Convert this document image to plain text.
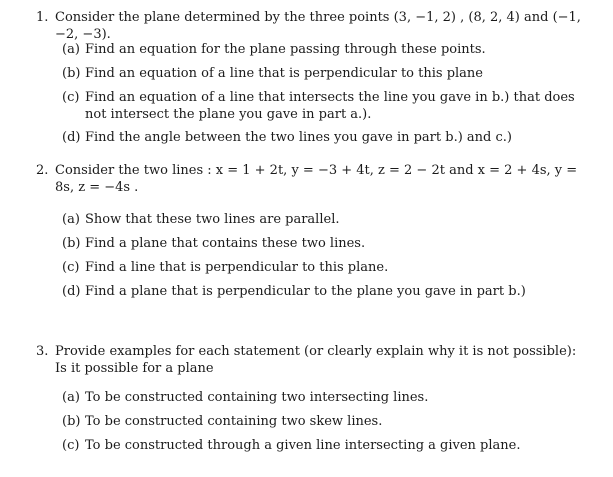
1. Consider the plane determined by the three points (3, −1, 2) , (8, 2, 4) and (−1, −2, −3).
(a) Find an equation for the plane passing through these points.
(b) Find an equation of a line that is perpendicular to this plane
(c) Find an equation of a line that intersects the line you gave in b.) that does not intersect the plane you gave in part a.).
(d) Find the angle between the two lines you gave in part b.) and c.)
2. Consider the two lines : x = 1 + 2t, y = −3 + 4t, z = 2 − 2t and x = 2 + 4s, y = 8s, z = −4s .
(a) Show that these two lines are parallel.
(b) Find a plane that contains these two lines.
(c) Find a line that is perpendicular to this plane.
(d) Find a plane that is perpendicular to the plane you gave in part b.)
3. Provide examples for each statement (or clearly explain why it is not possible): Is it possible for a plane
(a) To be constructed containing two intersecting lines.
(b) To be constructed containing two skew lines.
(c) To be constructed through a given line intersecting a given plane.
